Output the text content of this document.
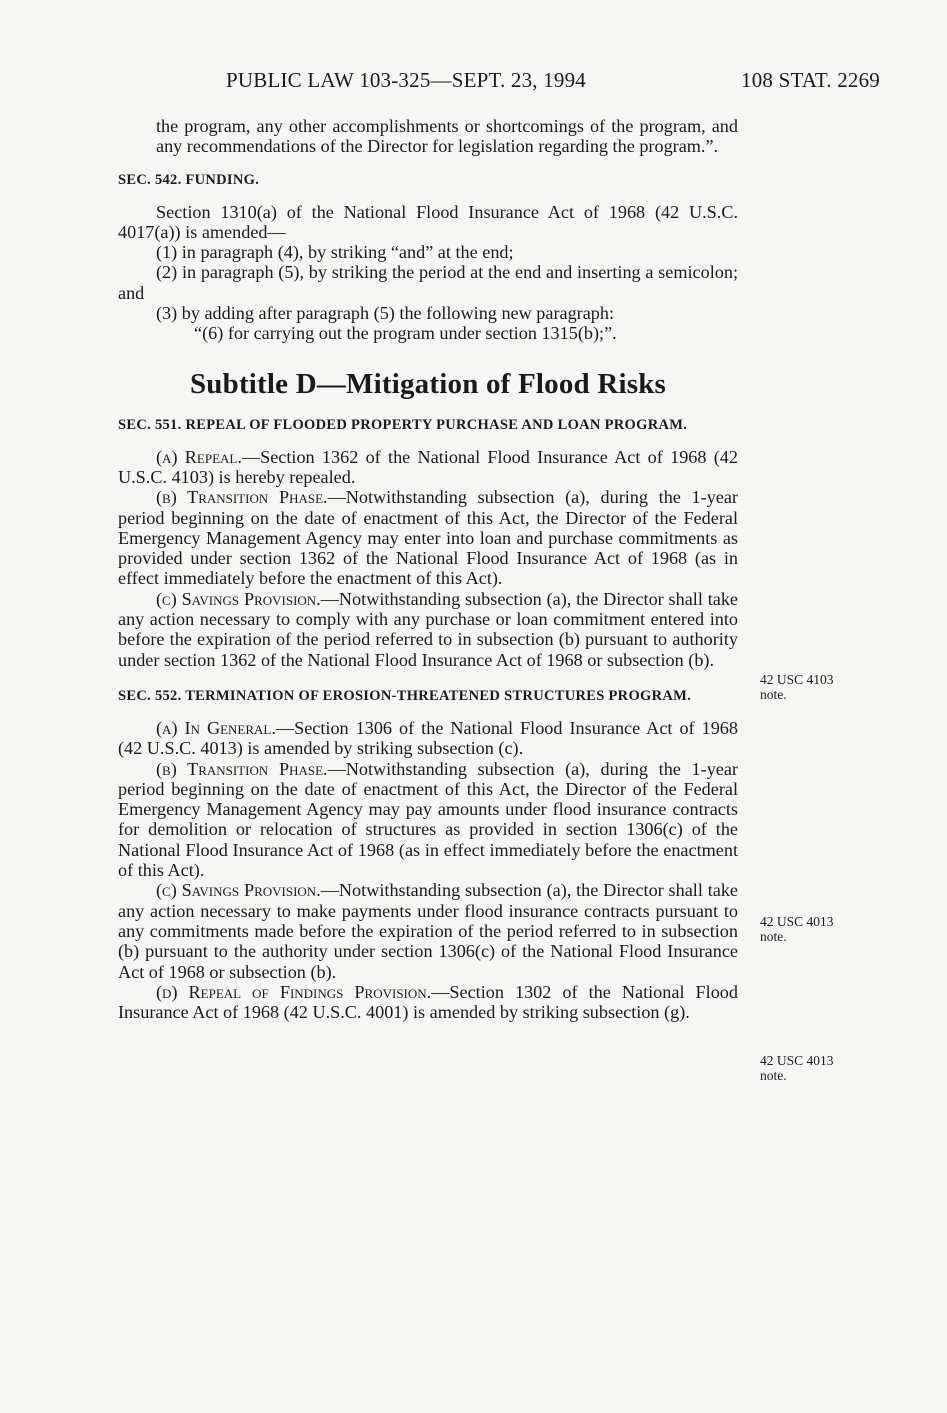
PUBLIC LAW 103-325—SEPT. 23, 1994	108 STAT. 2269

the program, any other accomplishments or shortcomings of the program, and any recommendations of the Director for legislation regarding the program.”.

SEC. 542. FUNDING.

Section 1310(a) of the National Flood Insurance Act of 1968 (42 U.S.C. 4017(a)) is amended—

(1) in paragraph (4), by striking “and” at the end;

(2) in paragraph (5), by striking the period at the end and inserting a semicolon; and

(3) by adding after paragraph (5) the following new paragraph:

“(6) for carrying out the program under section 1315(b);”.

Subtitle D—Mitigation of Flood Risks
SEC. 551. REPEAL OF FLOODED PROPERTY PURCHASE AND LOAN PROGRAM.

(a) Repeal.—Section 1362 of the National Flood Insurance Act of 1968 (42 U.S.C. 4103) is hereby repealed.

(b) Transition Phase.—Notwithstanding subsection (a), during the 1-year period beginning on the date of enactment of this Act, the Director of the Federal Emergency Management Agency may enter into loan and purchase commitments as provided under section 1362 of the National Flood Insurance Act of 1968 (as in effect immediately before the enactment of this Act).

(c) Savings Provision.—Notwithstanding subsection (a), the Director shall take any action necessary to comply with any purchase or loan commitment entered into before the expiration of the period referred to in subsection (b) pursuant to authority under section 1362 of the National Flood Insurance Act of 1968 or subsection (b).

SEC. 552. TERMINATION OF EROSION-THREATENED STRUCTURES PROGRAM.

(a) In General.—Section 1306 of the National Flood Insurance Act of 1968 (42 U.S.C. 4013) is amended by striking subsection (c).

(b) Transition Phase.—Notwithstanding subsection (a), during the 1-year period beginning on the date of enactment of this Act, the Director of the Federal Emergency Management Agency may pay amounts under flood insurance contracts for demolition or relocation of structures as provided in section 1306(c) of the National Flood Insurance Act of 1968 (as in effect immediately before the enactment of this Act).

(c) Savings Provision.—Notwithstanding subsection (a), the Director shall take any action necessary to make payments under flood insurance contracts pursuant to any commitments made before the expiration of the period referred to in subsection (b) pursuant to the authority under section 1306(c) of the National Flood Insurance Act of 1968 or subsection (b).

(d) Repeal of Findings Provision.—Section 1302 of the National Flood Insurance Act of 1968 (42 U.S.C. 4001) is amended by striking subsection (g).

42 USC 4103 note.
42 USC 4013 note.
42 USC 4013 note.
